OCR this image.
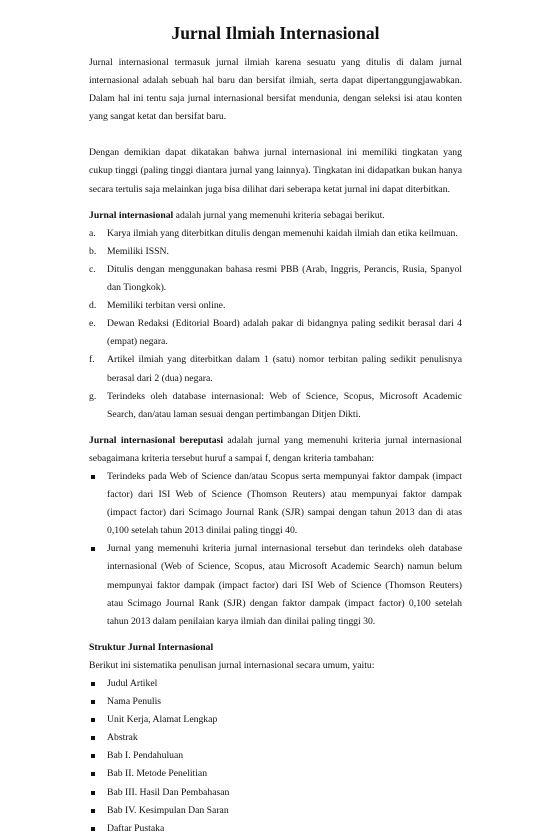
Jurnal Ilmiah Internasional

Jurnal internasional termasuk jurnal ilmiah karena sesuatu yang ditulis di dalam jurnal internasional adalah sebuah hal baru dan bersifat ilmiah, serta dapat dipertanggungjawabkan. Dalam hal ini tentu saja jurnal internasional bersifat mendunia, dengan seleksi isi atau konten yang sangat ketat dan bersifat baru.

Dengan demikian dapat dikatakan bahwa jurnal internasional ini memiliki tingkatan yang cukup tinggi (paling tinggi diantara jurnal yang lainnya). Tingkatan ini didapatkan bukan hanya secara tertulis saja melainkan juga bisa dilihat dari seberapa ketat jurnal ini dapat diterbitkan.

Jurnal internasional adalah jurnal yang memenuhi kriteria sebagai berikut.

a. Karya ilmiah yang diterbitkan ditulis dengan memenuhi kaidah ilmiah dan etika keilmuan.
b. Memiliki ISSN.
c. Ditulis dengan menggunakan bahasa resmi PBB (Arab, Inggris, Perancis, Rusia, Spanyol dan Tiongkok).
d. Memiliki terbitan versi online.
e. Dewan Redaksi (Editorial Board) adalah pakar di bidangnya paling sedikit berasal dari 4 (empat) negara.
f. Artikel ilmiah yang diterbitkan dalam 1 (satu) nomor terbitan paling sedikit penulisnya berasal dari 2 (dua) negara.
g. Terindeks oleh database internasional: Web of Science, Scopus, Microsoft Academic Search, dan/atau laman sesuai dengan pertimbangan Ditjen Dikti.

Jurnal internasional bereputasi adalah jurnal yang memenuhi kriteria jurnal internasional sebagaimana kriteria tersebut huruf a sampai f, dengan kriteria tambahan:

Terindeks pada Web of Science dan/atau Scopus serta mempunyai faktor dampak (impact factor) dari ISI Web of Science (Thomson Reuters) atau mempunyai faktor dampak (impact factor) dari Scimago Journal Rank (SJR) sampai dengan tahun 2013 dan di atas 0,100 setelah tahun 2013 dinilai paling tinggi 40.
Jurnal yang memenuhi kriteria jurnal internasional tersebut dan terindeks oleh database internasional (Web of Science, Scopus, atau Microsoft Academic Search) namun belum mempunyai faktor dampak (impact factor) dari ISI Web of Science (Thomson Reuters) atau Scimago Journal Rank (SJR) dengan faktor dampak (impact factor) 0,100 setelah tahun 2013 dalam penilaian karya ilmiah dan dinilai paling tinggi 30.

Struktur Jurnal Internasional

Berikut ini sistematika penulisan jurnal internasional secara umum, yaitu:

Judul Artikel
Nama Penulis
Unit Kerja, Alamat Lengkap
Abstrak
Bab I. Pendahuluan
Bab II. Metode Penelitian
Bab III. Hasil Dan Pembahasan
Bab IV. Kesimpulan Dan Saran
Daftar Pustaka
